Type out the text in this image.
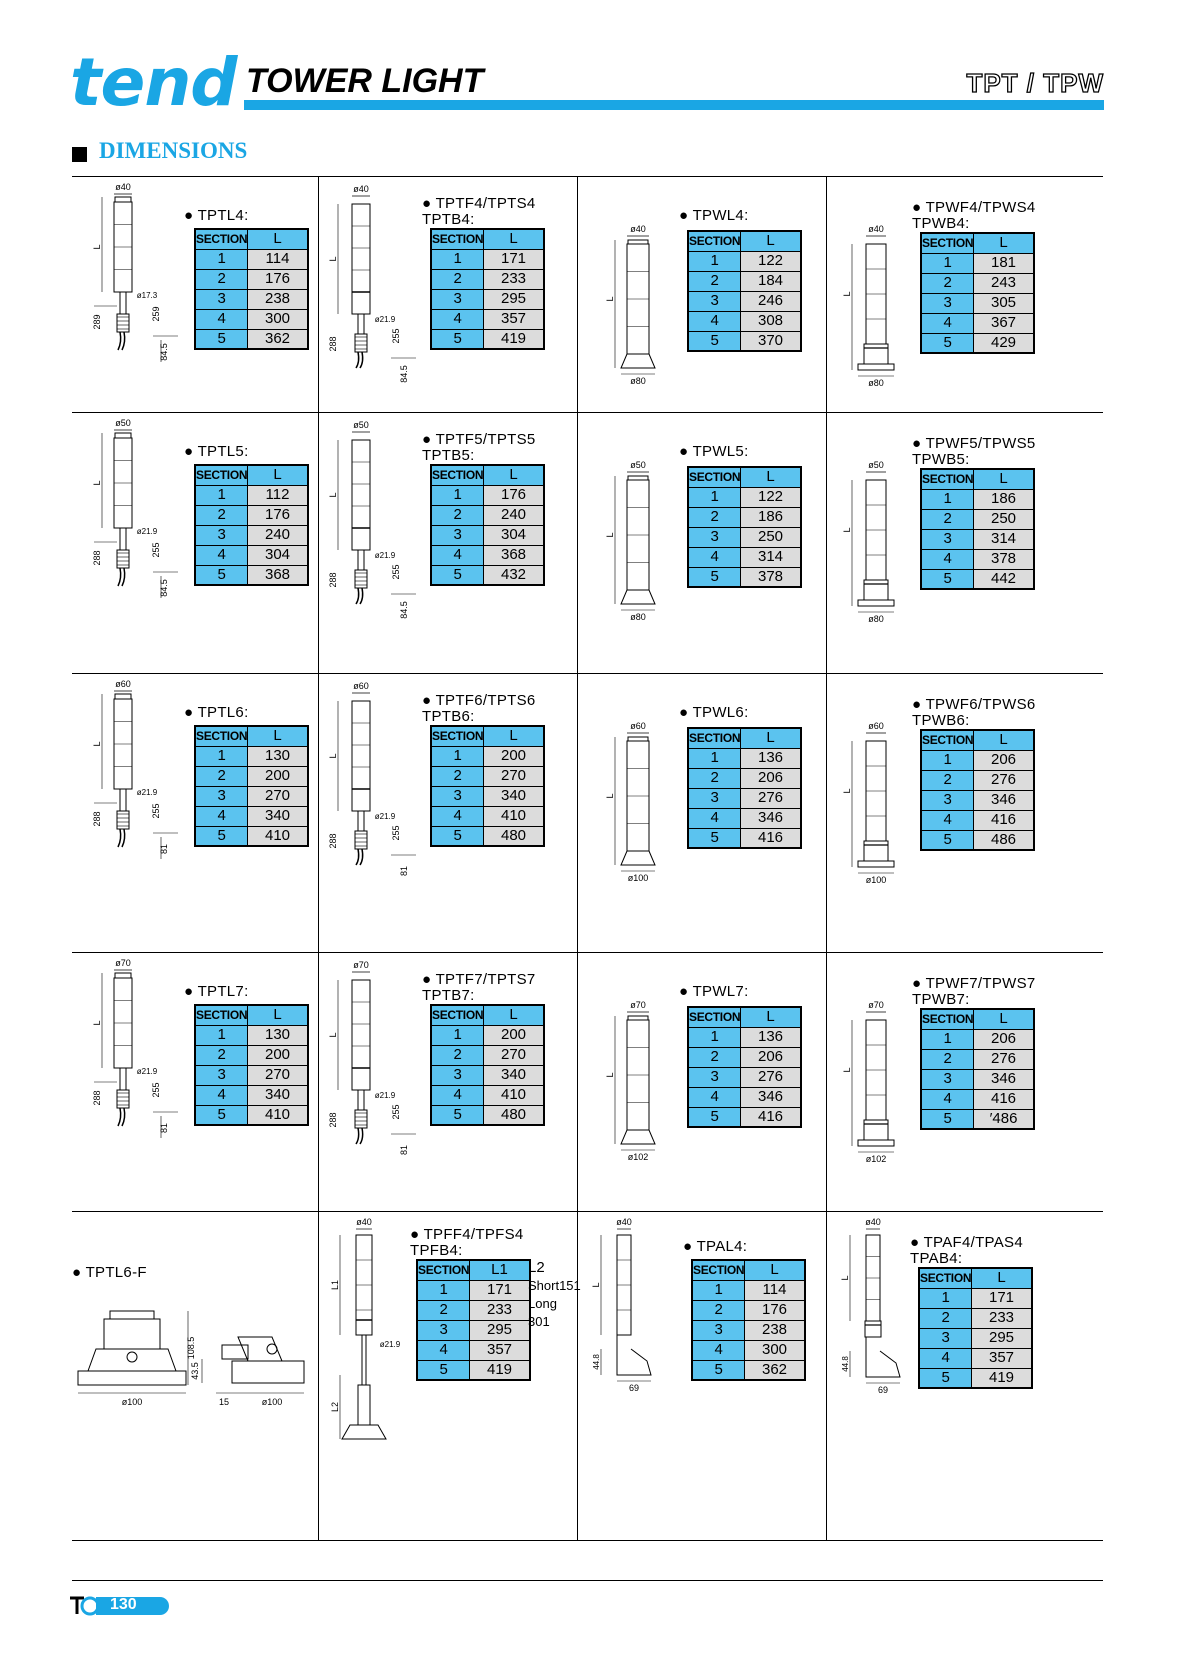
tend TOWER LIGHT	TPT / TPW
DIMENSIONS
● TPTL4:
SECTION	L
1	114
2	176
3	238
4	300
5	362
ø40
L
ø17.3
289
259
84.5
● TPTF4/TPTS4
TPTB4:
SECTION	L
1	171
2	233
3	295
4	357
5	419
ø40
L
ø21.9
288
255
84.5
● TPWL4:
SECTION	L
1	122
2	184
3	246
4	308
5	370
ø40
L
ø80
● TPWF4/TPWS4
TPWB4:
SECTION	L
1	181
2	243
3	305
4	367
5	429
ø40
L
ø80
● TPTL5:
SECTION	L
1	112
2	176
3	240
4	304
5	368
ø50
L
ø21.9
288
255
84.5
● TPTF5/TPTS5
TPTB5:
SECTION	L
1	176
2	240
3	304
4	368
5	432
ø50
L
ø21.9
288
255
84.5
● TPWL5:
SECTION	L
1	122
2	186
3	250
4	314
5	378
ø50
L
ø80
● TPWF5/TPWS5
TPWB5:
SECTION	L
1	186
2	250
3	314
4	378
5	442
ø50
L
ø80
● TPTL6:
SECTION	L
1	130
2	200
3	270
4	340
5	410
ø60
L
ø21.9
288
255
81
● TPTF6/TPTS6
TPTB6:
SECTION	L
1	200
2	270
3	340
4	410
5	480
ø60
L
ø21.9
288
255
81
● TPWL6:
SECTION	L
1	136
2	206
3	276
4	346
5	416
ø60
L
ø100
● TPWF6/TPWS6
TPWB6:
SECTION	L
1	206
2	276
3	346
4	416
5	486
ø60
L
ø100
● TPTL7:
SECTION	L
1	130
2	200
3	270
4	340
5	410
ø70
L
ø21.9
288
255
81
● TPTF7/TPTS7
TPTB7:
SECTION	L
1	200
2	270
3	340
4	410
5	480
ø70
L
ø21.9
288
255
81
● TPWL7:
SECTION	L
1	136
2	206
3	276
4	346
5	416
ø70
L
ø102
● TPWF7/TPWS7
TPWB7:
SECTION	L
1	206
2	276
3	346
4	416
5	′486
ø70
L
ø102
● TPTL6-F
108.5
ø100
43.5
15	ø100
● TPFF4/TPFS4
TPFB4:
SECTION	L1
1	171
2	233
3	295
4	357
5	419
ø40
L1
ø21.9
L2
L2
Short151
Long 301
● TPAL4:
SECTION	L
1	114
2	176
3	238
4	300
5	362
ø40
L
44.8
69
● TPAF4/TPAS4
TPAB4:
SECTION	L
1	171
2	233
3	295
4	357
5	419
ø40
L
44.8
69
130
